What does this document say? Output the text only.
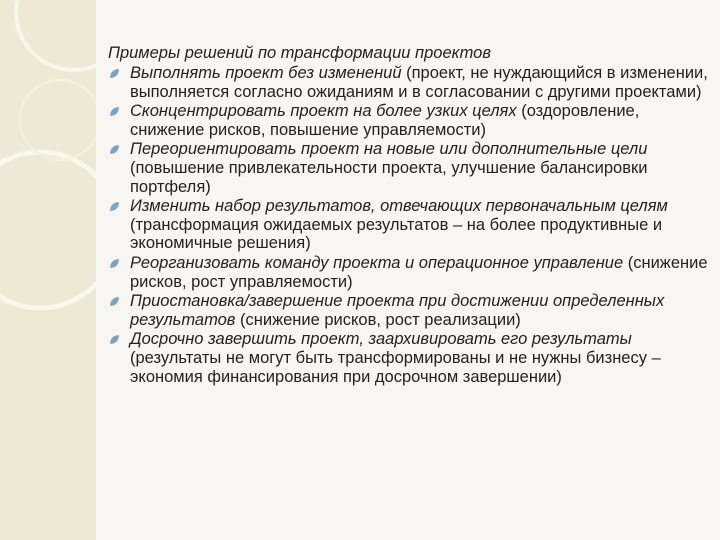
Примеры решений по трансформации проектов
Выполнять проект без изменений (проект, не нуждающийся в изменении, выполняется согласно ожиданиям и в согласовании с другими проектами)
Сконцентрировать проект на более узких целях (оздоровление, снижение рисков, повышение управляемости)
Переориентировать проект на новые или дополнительные цели (повышение привлекательности проекта, улучшение балансировки портфеля)
Изменить набор результатов, отвечающих первоначальным целям (трансформация ожидаемых результатов – на более продуктивные и экономичные решения)
Реорганизовать команду проекта и операционное управление (снижение рисков, рост управляемости)
Приостановка/завершение проекта при достижении определенных результатов (снижение рисков, рост реализации)
Досрочно завершить проект, заархивировать его результаты (результаты не могут быть трансформированы и не нужны бизнесу – экономия финансирования при досрочном завершении)
